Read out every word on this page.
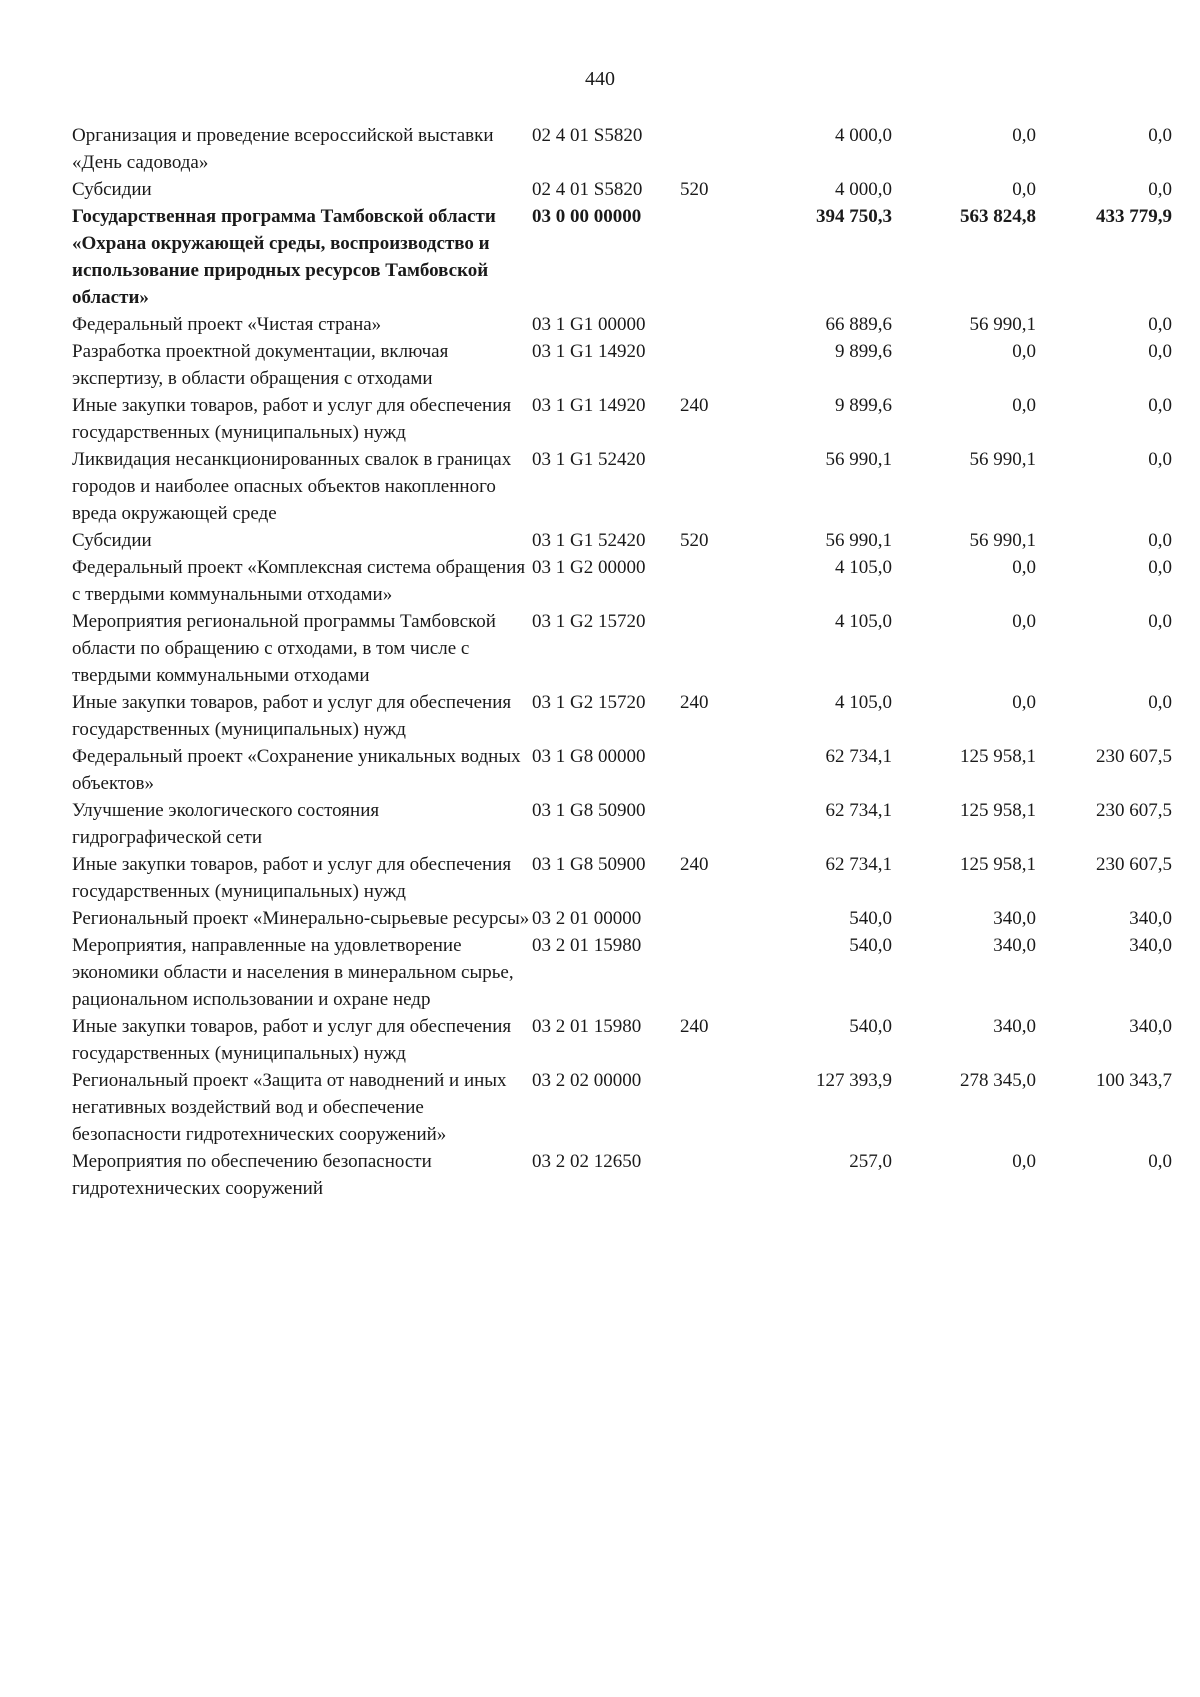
440
Организация и проведение всероссийской выставки «День садовода»	02 4 01 S5820		4 000,0	0,0	0,0
Субсидии	02 4 01 S5820	520	4 000,0	0,0	0,0
Государственная программа Тамбовской области «Охрана окружающей среды, воспроизводство и использование природных ресурсов Тамбовской области»	03 0 00 00000		394 750,3	563 824,8	433 779,9
Федеральный проект «Чистая страна»	03 1 G1 00000		66 889,6	56 990,1	0,0
Разработка проектной документации, включая экспертизу, в области обращения с отходами	03 1 G1 14920		9 899,6	0,0	0,0
Иные закупки товаров, работ и услуг для обеспечения государственных (муниципальных) нужд	03 1 G1 14920	240	9 899,6	0,0	0,0
Ликвидация несанкционированных свалок в границах городов и наиболее опасных объектов накопленного вреда окружающей среде	03 1 G1 52420		56 990,1	56 990,1	0,0
Субсидии	03 1 G1 52420	520	56 990,1	56 990,1	0,0
Федеральный проект «Комплексная система обращения с твердыми коммунальными отходами»	03 1 G2 00000		4 105,0	0,0	0,0
Мероприятия региональной программы Тамбовской области по обращению с отходами, в том числе с твердыми коммунальными отходами	03 1 G2 15720		4 105,0	0,0	0,0
Иные закупки товаров, работ и услуг для обеспечения государственных (муниципальных) нужд	03 1 G2 15720	240	4 105,0	0,0	0,0
Федеральный проект «Сохранение уникальных водных объектов»	03 1 G8 00000		62 734,1	125 958,1	230 607,5
Улучшение экологического состояния гидрографической сети	03 1 G8 50900		62 734,1	125 958,1	230 607,5
Иные закупки товаров, работ и услуг для обеспечения государственных (муниципальных) нужд	03 1 G8 50900	240	62 734,1	125 958,1	230 607,5
Региональный проект «Минерально-сырьевые ресурсы»	03 2 01 00000		540,0	340,0	340,0
Мероприятия, направленные на удовлетворение экономики области и населения в минеральном сырье, рациональном использовании и охране недр	03 2 01 15980		540,0	340,0	340,0
Иные закупки товаров, работ и услуг для обеспечения государственных (муниципальных) нужд	03 2 01 15980	240	540,0	340,0	340,0
Региональный проект «Защита от наводнений и иных негативных воздействий вод и обеспечение безопасности гидротехнических сооружений»	03 2 02 00000		127 393,9	278 345,0	100 343,7
Мероприятия по обеспечению безопасности гидротехнических сооружений	03 2 02 12650		257,0	0,0	0,0
